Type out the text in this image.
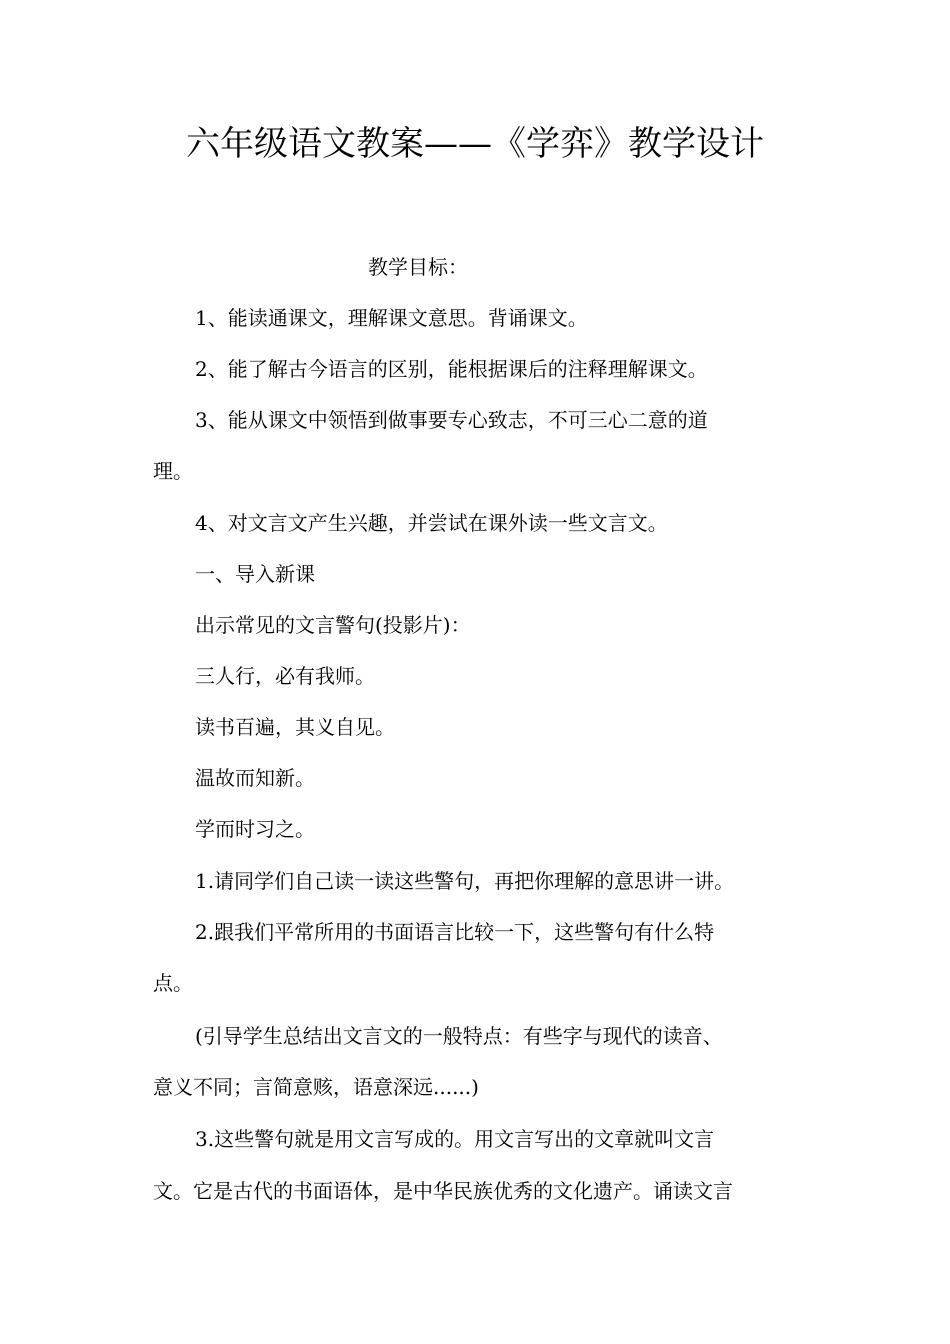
六年级语文教案——《学弈》教学设计
教学目标：
1、能读通课文，理解课文意思。背诵课文。
2、能了解古今语言的区别，能根据课后的注释理解课文。
3、能从课文中领悟到做事要专心致志，不可三心二意的道
理。
4、对文言文产生兴趣，并尝试在课外读一些文言文。
一、导入新课
出示常见的文言警句(投影片)：
三人行，必有我师。
读书百遍，其义自见。
温故而知新。
学而时习之。
1.请同学们自己读一读这些警句，再把你理解的意思讲一讲。
2.跟我们平常所用的书面语言比较一下，这些警句有什么特
点。
(引导学生总结出文言文的一般特点：有些字与现代的读音、
意义不同；言简意赅，语意深远......)
3.这些警句就是用文言写成的。用文言写出的文章就叫文言
文。它是古代的书面语体，是中华民族优秀的文化遗产。诵读文言
